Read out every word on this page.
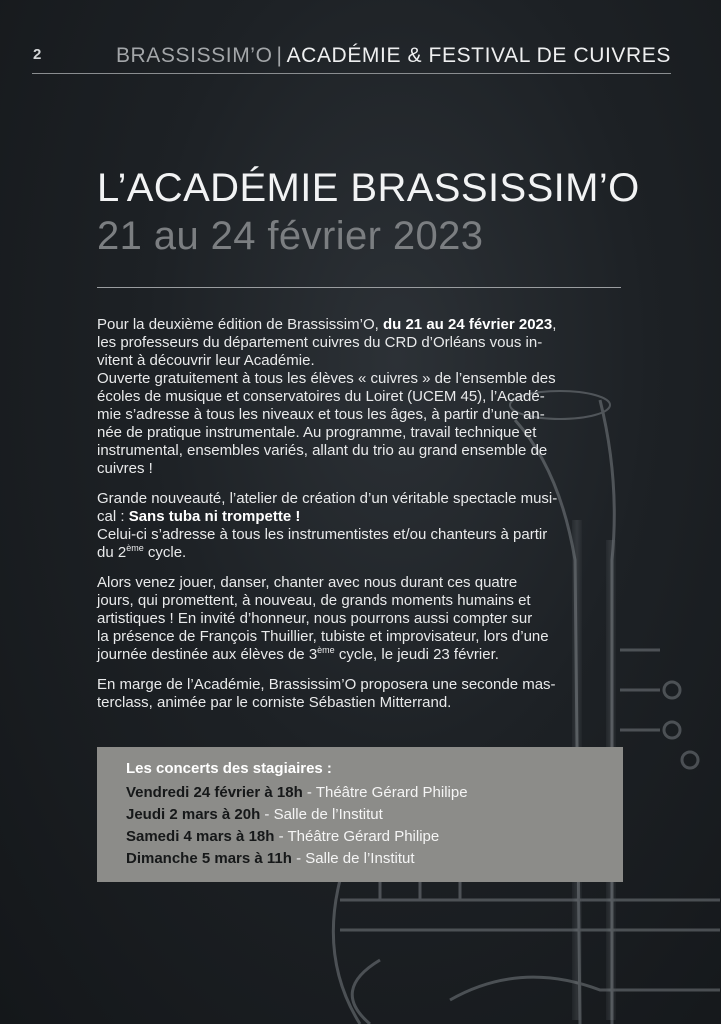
2	BRASSISSIM’O | ACADÉMIE & FESTIVAL DE CUIVRES
L’ACADÉMIE BRASSISSIM’O
21 au 24 février 2023

Pour la deuxième édition de Brassissim’O, du 21 au 24 février 2023,
les professeurs du département cuivres du CRD d’Orléans vous in-
vitent à découvrir leur Académie.
Ouverte gratuitement à tous les élèves « cuivres » de l’ensemble des
écoles de musique et conservatoires du Loiret (UCEM 45), l’Acadé-
mie s’adresse à tous les niveaux et tous les âges, à partir d’une an-
née de pratique instrumentale. Au programme, travail technique et
instrumental, ensembles variés, allant du trio au grand ensemble de
cuivres !

Grande nouveauté, l’atelier de création d’un véritable spectacle musi-
cal : Sans tuba ni trompette !
Celui-ci s’adresse à tous les instrumentistes et/ou chanteurs à partir
du 2ème cycle.

Alors venez jouer, danser, chanter avec nous durant ces quatre
jours, qui promettent, à nouveau, de grands moments humains et
artistiques ! En invité d’honneur, nous pourrons aussi compter sur
la présence de François Thuillier, tubiste et improvisateur, lors d’une
journée destinée aux élèves de 3ème cycle, le jeudi 23 février.

En marge de l’Académie, Brassissim’O proposera une seconde mas-
terclass, animée par le corniste Sébastien Mitterrand.

Les concerts des stagiaires :
Vendredi 24 février à 18h - Théâtre Gérard Philipe
Jeudi 2 mars à 20h - Salle de l’Institut
Samedi 4 mars à 18h - Théâtre Gérard Philipe
Dimanche 5 mars à 11h - Salle de l’Institut
